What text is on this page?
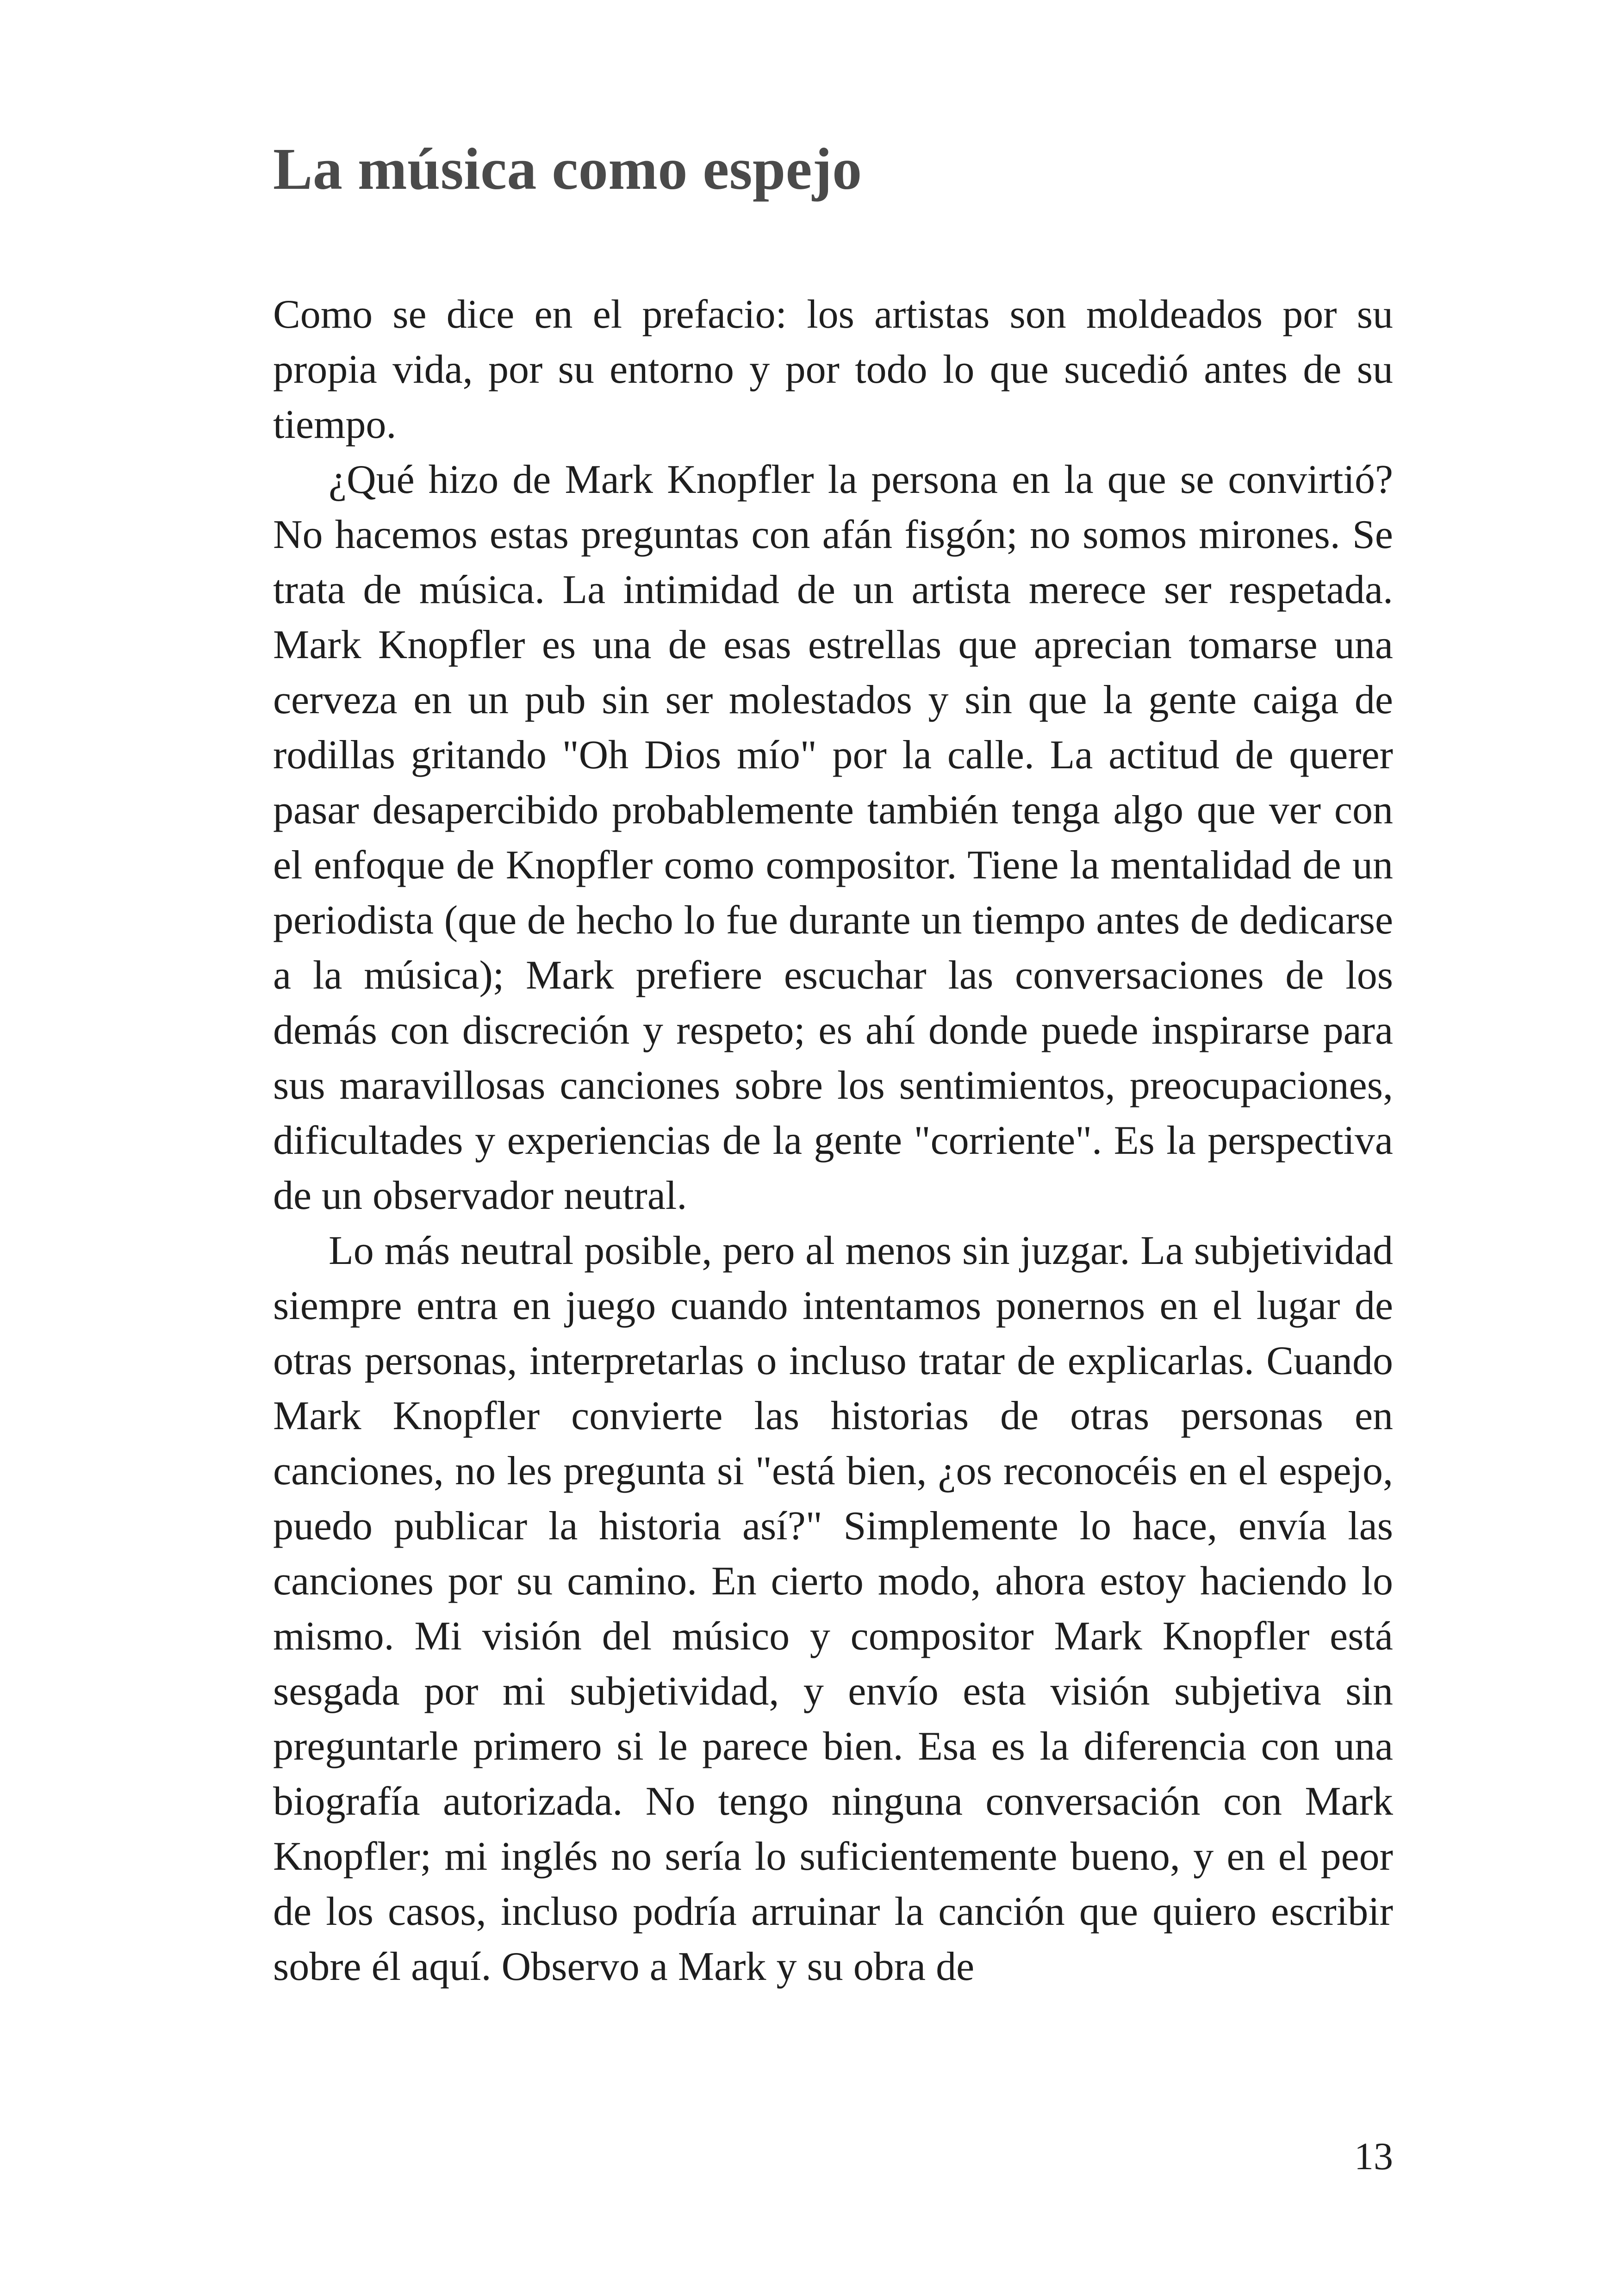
La música como espejo

Como se dice en el prefacio: los artistas son moldeados por su propia vida, por su entorno y por todo lo que sucedió antes de su tiempo.

¿Qué hizo de Mark Knopfler la persona en la que se convirtió? No hacemos estas preguntas con afán fisgón; no somos mirones. Se trata de música. La intimidad de un artista merece ser respetada. Mark Knopfler es una de esas estrellas que aprecian tomarse una cerveza en un pub sin ser molestados y sin que la gente caiga de rodillas gritando "Oh Dios mío" por la calle. La actitud de querer pasar desapercibido probablemente también tenga algo que ver con el enfoque de Knopfler como compositor. Tiene la mentalidad de un periodista (que de hecho lo fue durante un tiempo antes de dedicarse a la música); Mark prefiere escuchar las conversaciones de los demás con discreción y respeto; es ahí donde puede inspirarse para sus maravillosas canciones sobre los sentimientos, preocupaciones, dificultades y experiencias de la gente "corriente". Es la perspectiva de un observador neutral.

Lo más neutral posible, pero al menos sin juzgar. La subjetividad siempre entra en juego cuando intentamos ponernos en el lugar de otras personas, interpretarlas o incluso tratar de explicarlas. Cuando Mark Knopfler convierte las historias de otras personas en canciones, no les pregunta si "está bien, ¿os reconocéis en el espejo, puedo publicar la historia así?" Simplemente lo hace, envía las canciones por su camino. En cierto modo, ahora estoy haciendo lo mismo. Mi visión del músico y compositor Mark Knopfler está sesgada por mi subjetividad, y envío esta visión subjetiva sin preguntarle primero si le parece bien. Esa es la diferencia con una biografía autorizada. No tengo ninguna conversación con Mark Knopfler; mi inglés no sería lo suficientemente bueno, y en el peor de los casos, incluso podría arruinar la canción que quiero escribir sobre él aquí. Observo a Mark y su obra de

13
